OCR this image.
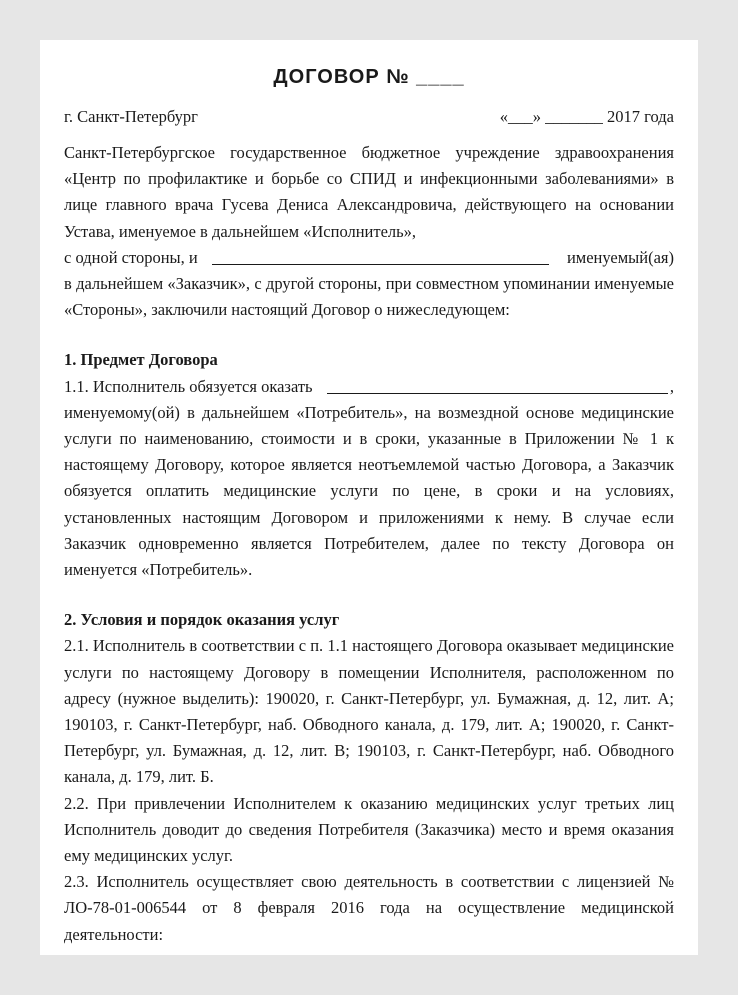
ДОГОВОР № ____
г. Санкт-Петербург	«___» _______ 2017 года

Санкт-Петербургское государственное бюджетное учреждение здравоохранения «Центр по профилактике и борьбе со СПИД и инфекционными заболеваниями» в лице главного врача Гусева Дениса Александровича, действующего на основании Устава, именуемое в дальнейшем «Исполнитель»,

с одной стороны, и	именуемый(ая)

в дальнейшем «Заказчик», с другой стороны, при совместном упоминании именуемые «Стороны», заключили настоящий Договор о нижеследующем:

1. Предмет Договора
1.1. Исполнитель обязуется оказать	,

именуемому(ой) в дальнейшем «Потребитель», на возмездной основе медицинские услуги по наименованию, стоимости и в сроки, указанные в Приложении № 1 к настоящему Договору, которое является неотъемлемой частью Договора, а Заказчик обязуется оплатить медицинские услуги по цене, в сроки и на условиях, установленных настоящим Договором и приложениями к нему. В случае если Заказчик одновременно является Потребителем, далее по тексту Договора он именуется «Потребитель».

2. Условия и порядок оказания услуг

2.1. Исполнитель в соответствии с п. 1.1 настоящего Договора оказывает медицинские услуги по настоящему Договору в помещении Исполнителя, расположенном по адресу (нужное выделить): 190020, г. Санкт-Петербург, ул. Бумажная, д. 12, лит. А; 190103, г. Санкт-Петербург, наб. Обводного канала, д. 179, лит. А; 190020, г. Санкт-Петербург, ул. Бумажная, д. 12, лит. В; 190103, г. Санкт-Петербург, наб. Обводного канала, д. 179, лит. Б.

2.2. При привлечении Исполнителем к оказанию медицинских услуг третьих лиц Исполнитель доводит до сведения Потребителя (Заказчика) место и время оказания ему медицинских услуг.

2.3. Исполнитель осуществляет свою деятельность в соответствии с лицензией № ЛО-78-01-006544 от 8 февраля 2016 года на осуществление медицинской деятельности:
